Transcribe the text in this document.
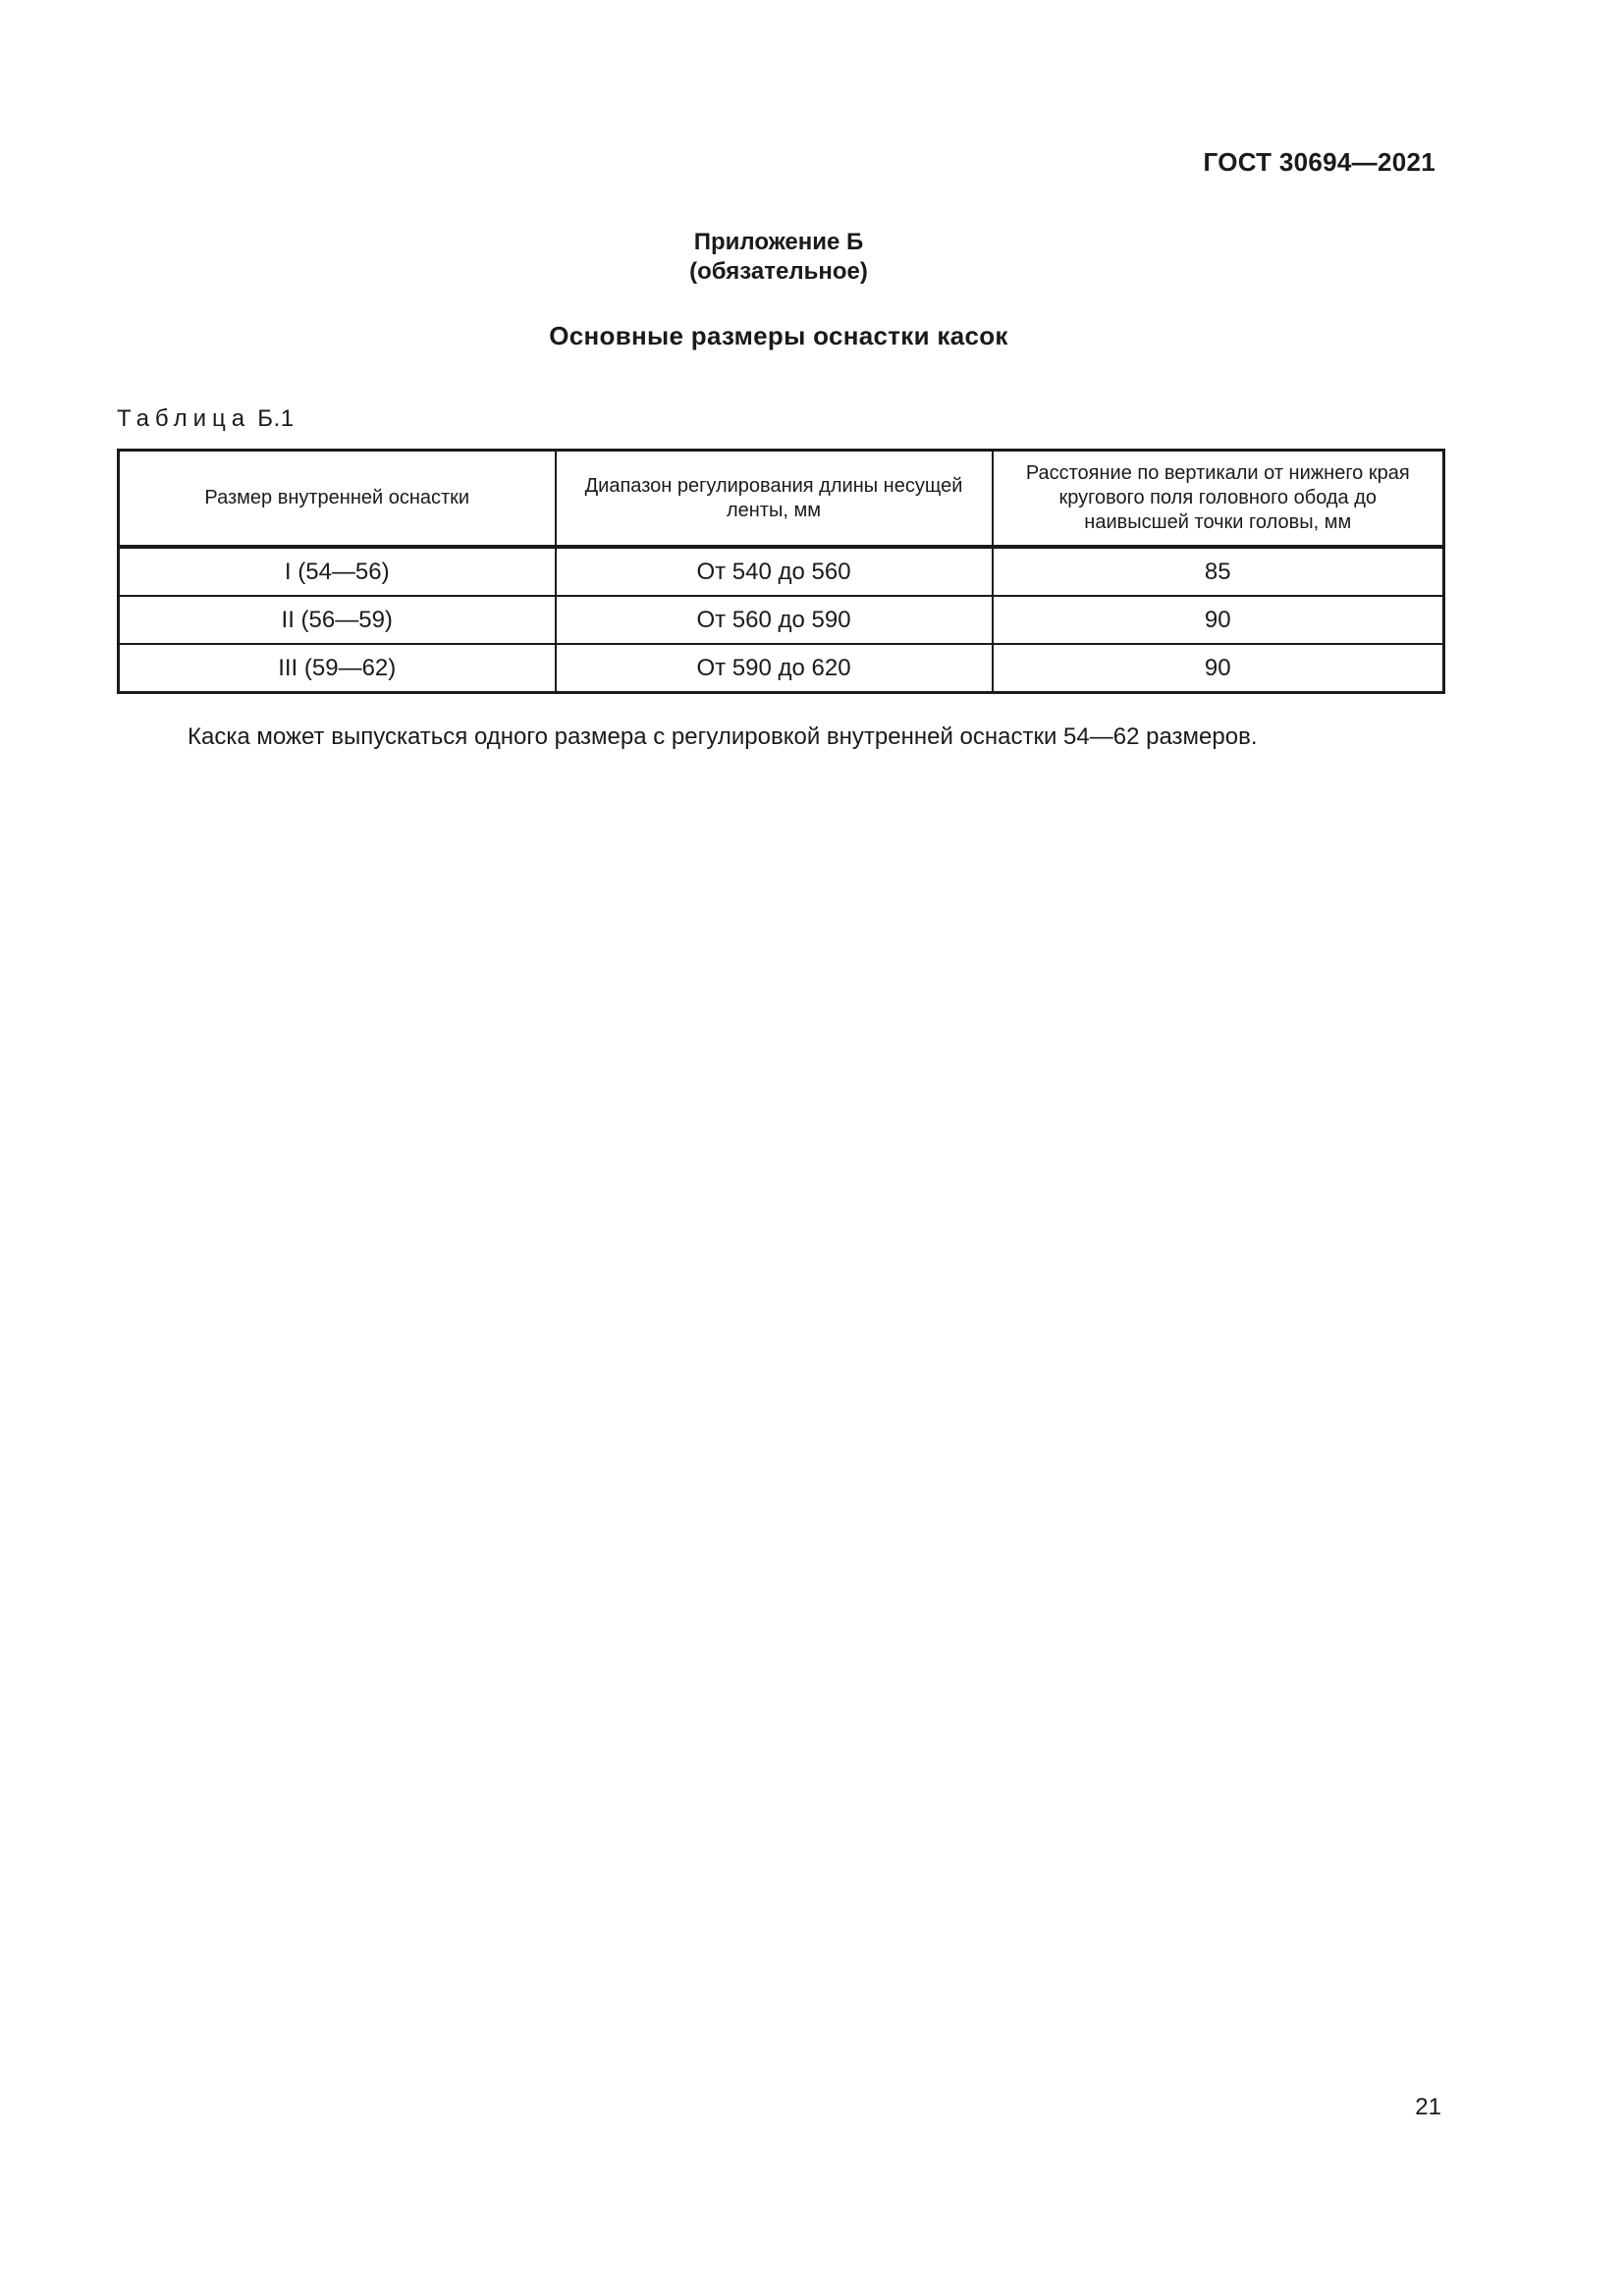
ГОСТ 30694—2021
Приложение Б
(обязательное)
Основные размеры оснастки касок
Таблица Б.1
Размер внутренней оснастки	Диапазон регулирования длины несущей ленты, мм	Расстояние по вертикали от нижнего края кругового поля головного обода до наивысшей точки головы, мм
I (54—56)	От 540 до 560	85
II (56—59)	От 560 до 590	90
III (59—62)	От 590 до 620	90
Каска может выпускаться одного размера с регулировкой внутренней оснастки 54—62 размеров.
21
